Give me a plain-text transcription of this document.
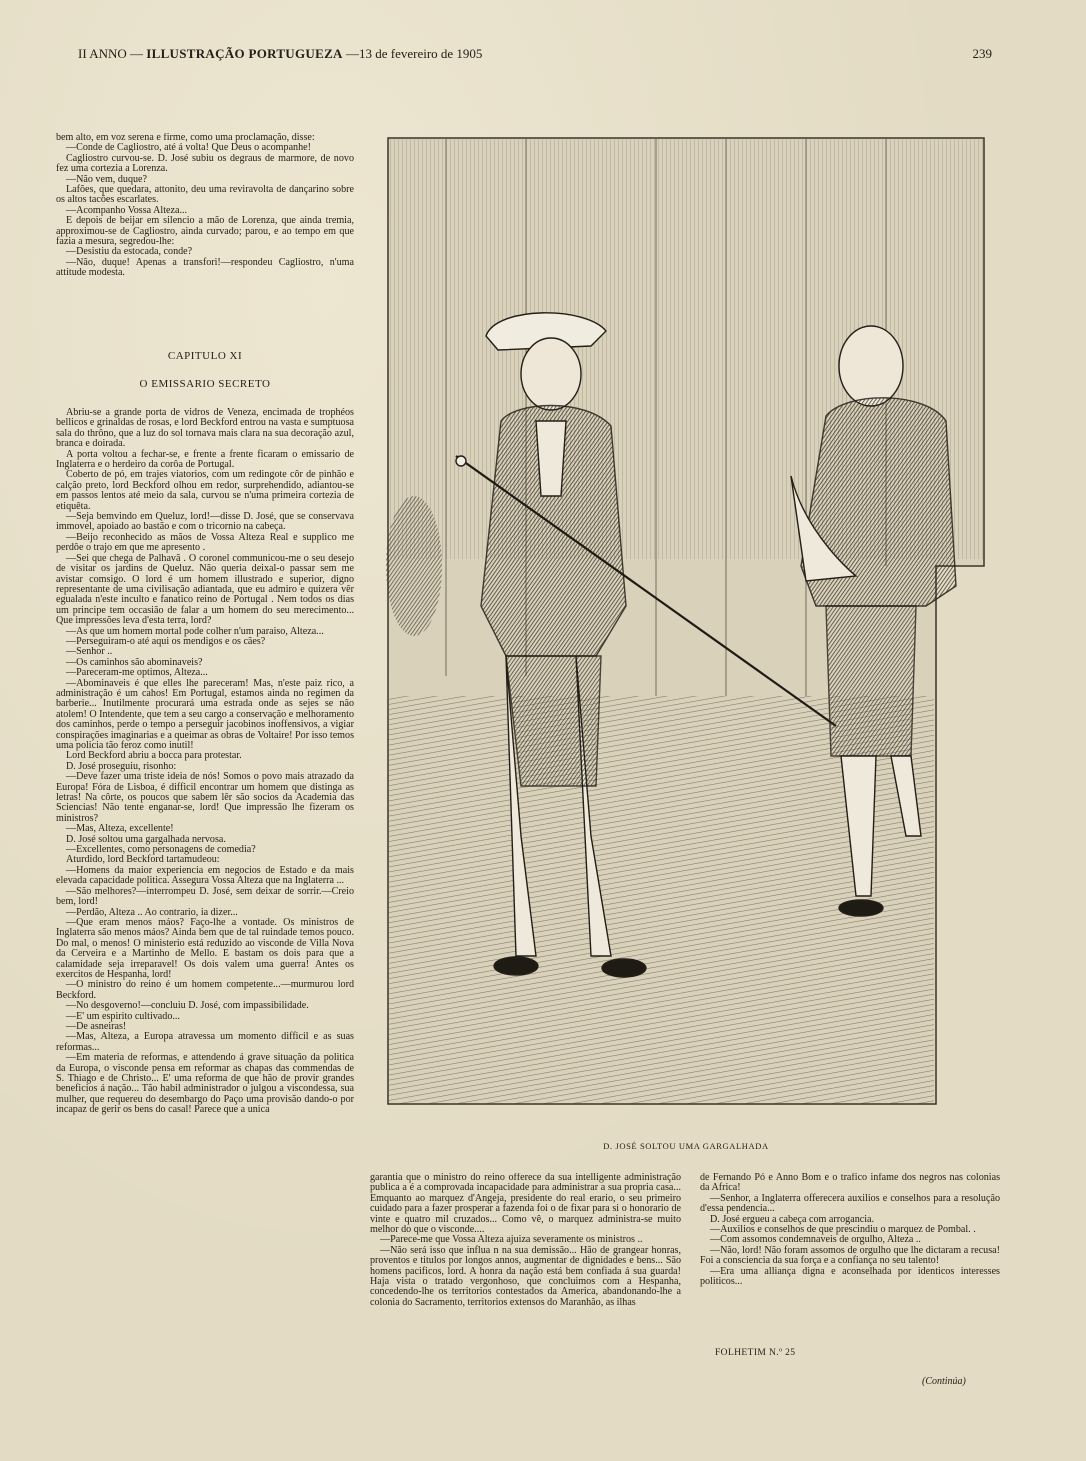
II ANNO — ILLUSTRAÇÃO PORTUGUEZA —13 de fevereiro de 1905	239

bem alto, em voz serena e firme, como uma proclamação, disse:

—Conde de Cagliostro, até á volta! Que Deus o acompanhe!

Cagliostro curvou-se. D. José subiu os degraus de marmore, de novo fez uma cortezia a Lorenza.

—Não vem, duque?

Lafões, que quedara, attonito, deu uma reviravolta de dançarino sobre os altos tacões escarlates.

—Acompanho Vossa Alteza...

E depois de beijar em silencio a mão de Lorenza, que ainda tremia, approximou-se de Cagliostro, ainda curvado; parou, e ao tempo em que fazia a mesura, segredou-lhe:

—Desistiu da estocada, conde?

—Não, duque! Apenas a transfori!—respondeu Cagliostro, n'uma attitude modesta.

CAPITULO XI
O EMISSARIO SECRETO

Abriu-se a grande porta de vidros de Veneza, encimada de trophéos bellicos e grinaldas de rosas, e lord Beckford entrou na vasta e sumptuosa sala do thrôno, que a luz do sol tornava mais clara na sua decoração azul, branca e doirada.

A porta voltou a fechar-se, e frente a frente ficaram o emissario de Inglaterra e o herdeiro da corôa de Portugal.

Coberto de pó, em trajes viatorios, com um redingote côr de pinhão e calção preto, lord Beckford olhou em redor, surprehendido, adiantou-se em passos lentos até meio da sala, curvou se n'uma primeira cortezia de etiquêta.

—Seja bemvindo em Queluz, lord!—disse D. José, que se conservava immovel, apoiado ao bastão e com o tricornio na cabeça.

—Beijo reconhecido as mãos de Vossa Alteza Real e supplico me perdôe o trajo em que me apresento .

—Sei que chega de Palhavã . O coronel communicou-me o seu desejo de visitar os jardins de Queluz. Não queria deixal-o passar sem me avistar comsigo. O lord é um homem illustrado e superior, digno representante de uma civilisação adiantada, que eu admiro e quizera vêr egualada n'este inculto e fanatico reino de Portugal . Nem todos os dias um principe tem occasião de falar a um homem do seu merecimento... Que impressões leva d'esta terra, lord?

—As que um homem mortal pode colher n'um paraiso, Alteza...

—Perseguiram-o até aqui os mendigos e os cães?

—Senhor ..

—Os caminhos são abominaveis?

—Pareceram-me optimos, Alteza...

—Abominaveis é que elles lhe pareceram! Mas, n'este paiz rico, a administração é um cahos! Em Portugal, estamos ainda no regimen da barberie... Inutilmente procurará uma estrada onde as sejes se não atolem! O Intendente, que tem a seu cargo a conservação e melhoramento dos caminhos, perde o tempo a perseguir jacobinos inoffensivos, a vigiar conspirações imaginarias e a queimar as obras de Voltaire! Por isso temos uma policia tão feroz como inutil!

Lord Beckford abriu a bocca para protestar.

D. José proseguiu, risonho:

—Deve fazer uma triste ideia de nós! Somos o povo mais atrazado da Europa! Fóra de Lisboa, é difficil encontrar um homem que distinga as letras! Na côrte, os poucos que sabem lêr são socios da Academia das Sciencias! Não tente enganar-se, lord! Que impressão lhe fizeram os ministros?

—Mas, Alteza, excellente!

D. José soltou uma gargalhada nervosa.

—Excellentes, como personagens de comedia?

Aturdido, lord Beckford tartamudeou:

—Homens da maior experiencia em negocios de Estado e da mais elevada capacidade politica. Assegura Vossa Alteza que na Inglaterra ...

—São melhores?—interrompeu D. José, sem deixar de sorrir.—Creio bem, lord!

—Perdão, Alteza .. Ao contrario, ia dizer...

—Que eram menos máos? Faço-lhe a vontade. Os ministros de Inglaterra são menos máos? Ainda bem que de tal ruindade temos pouco. Do mal, o menos! O ministerio está reduzido ao visconde de Villa Nova da Cerveira e a Martinho de Mello. E bastam os dois para que a calamidade seja irreparavel! Os dois valem uma guerra! Antes os exercitos de Hespanha, lord!

—O ministro do reino é um homem competente...—murmurou lord Beckford.

—No desgoverno!—concluiu D. José, com impassibilidade.

—E' um espirito cultivado...

—De asneiras!

—Mas, Alteza, a Europa atravessa um momento difficil e as suas reformas...

—Em materia de reformas, e attendendo á grave situação da politica da Europa, o visconde pensa em reformar as chapas das commendas de S. Thiago e de Christo... E' uma reforma de que hão de provir grandes beneficios á nação... Tão habil administrador o julgou a viscondessa, sua mulher, que requereu do desembargo do Paço uma provisão dando-o por incapaz de gerir os bens do casal! Parece que a unica

D. JOSÉ SOLTOU UMA GARGALHADA

garantia que o ministro do reino offerece da sua intelligente administração publica a é a comprovada incapacidade para administrar a sua propria casa... Emquanto ao marquez d'Angeja, presidente do real erario, o seu primeiro cuidado para a fazer prosperar a fazenda foi o de fixar para si o honorario de vinte e quatro mil cruzados... Como vê, o marquez administra-se muito melhor do que o visconde....

—Parece-me que Vossa Alteza ajuiza severamente os ministros ..

—Não será isso que influa n na sua demissão... Hão de grangear honras, proventos e titulos por longos annos, augmentar de dignidades e bens... São homens pacificos, lord. A honra da nação está bem confiada á sua guarda! Haja vista o tratado vergonhoso, que concluimos com a Hespanha, concedendo-lhe os territorios contestados da America, abandonando-lhe a colonia do Sacramento, territorios extensos do Maranhão, as ilhas

de Fernando Pó e Anno Bom e o trafico infame dos negros nas colonias da Africa!

—Senhor, a Inglaterra offerecera auxilios e conselhos para a resolução d'essa pendencia...

D. José ergueu a cabeça com arrogancia.

—Auxilios e conselhos de que prescindiu o marquez de Pombal. .

—Com assomos condemnaveis de orgulho, Alteza ..

—Não, lord! Não foram assomos de orgulho que lhe dictaram a recusa! Foi a consciencia da sua força e a confiança no seu talento!

—Era uma alliança digna e aconselhada por identicos interesses politicos...

FOLHETIM N.º 25
(Continúa)
